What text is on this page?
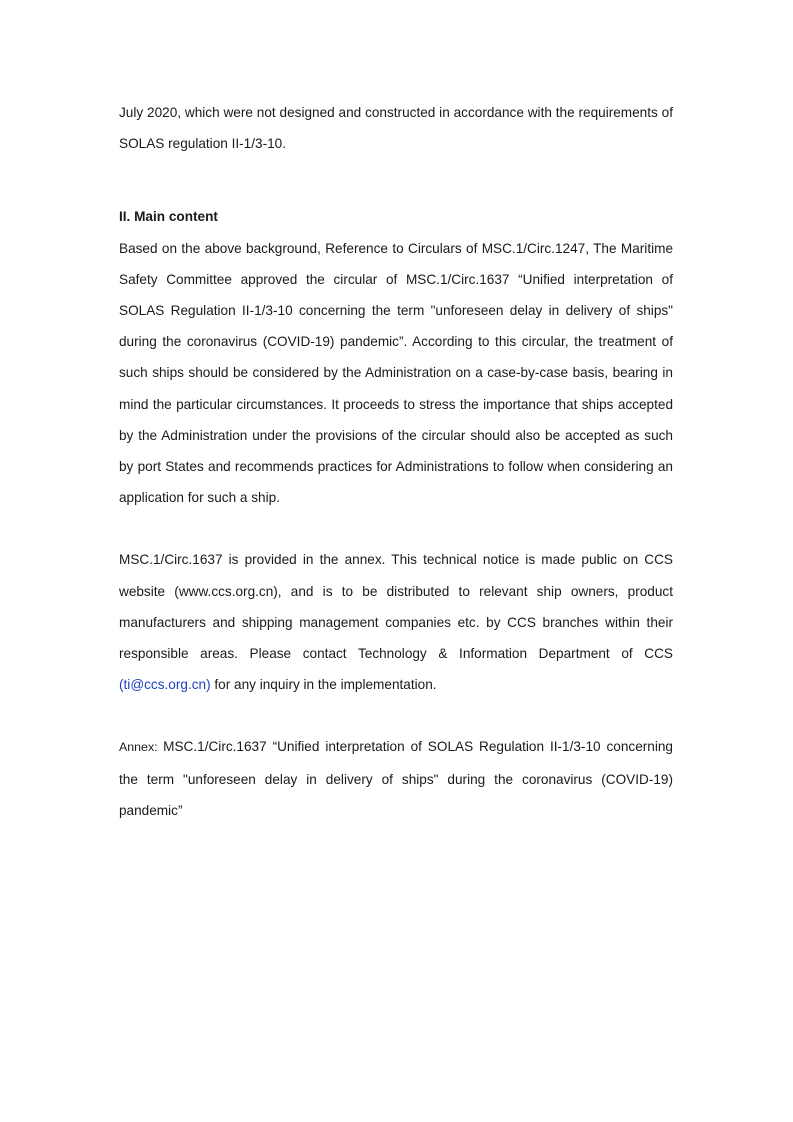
July 2020, which were not designed and constructed in accordance with the requirements of SOLAS regulation II-1/3-10.

II. Main content

Based on the above background, Reference to Circulars of MSC.1/Circ.1247, The Maritime Safety Committee approved the circular of MSC.1/Circ.1637 “Unified interpretation of SOLAS Regulation II-1/3-10 concerning the term "unforeseen delay in delivery of ships" during the coronavirus (COVID-19) pandemic”. According to this circular, the treatment of such ships should be considered by the Administration on a case-by-case basis, bearing in mind the particular circumstances. It proceeds to stress the importance that ships accepted by the Administration under the provisions of the circular should also be accepted as such by port States and recommends practices for Administrations to follow when considering an application for such a ship.

MSC.1/Circ.1637 is provided in the annex. This technical notice is made public on CCS website (www.ccs.org.cn), and is to be distributed to relevant ship owners, product manufacturers and shipping management companies etc. by CCS branches within their responsible areas. Please contact Technology & Information Department of CCS (ti@ccs.org.cn) for any inquiry in the implementation.

Annex: MSC.1/Circ.1637 “Unified interpretation of SOLAS Regulation II-1/3-10 concerning the term "unforeseen delay in delivery of ships" during the coronavirus (COVID-19) pandemic”
